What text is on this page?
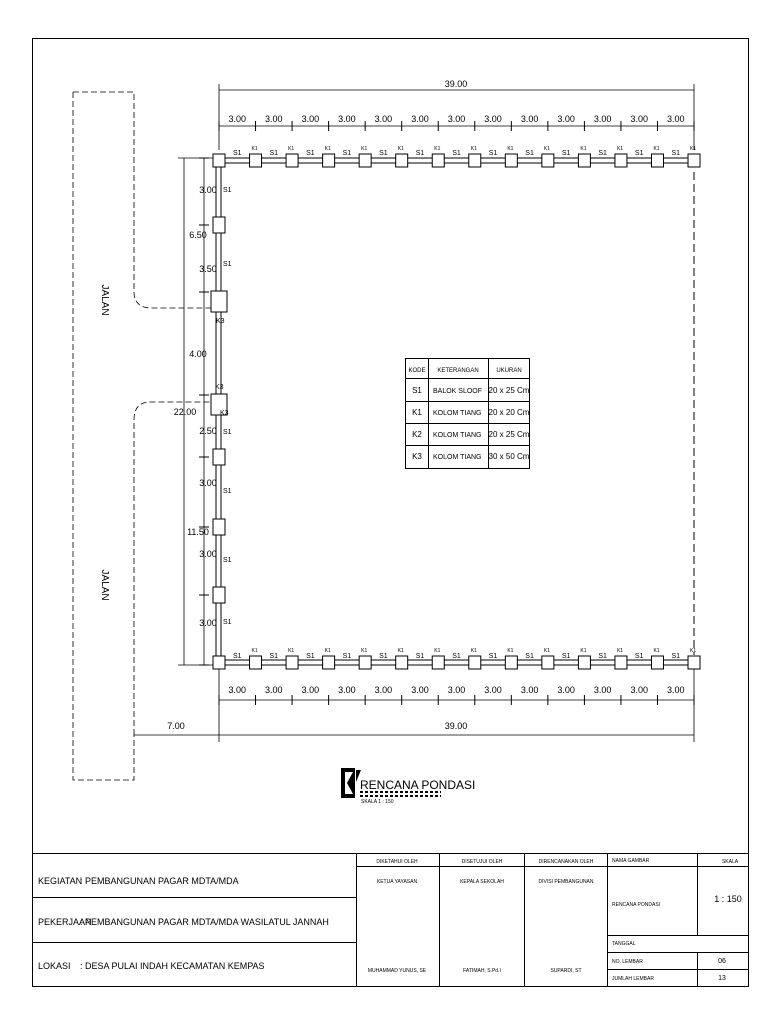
JALAN
JALAN
39.00
39.00
7.00
22.00
6.50
4.00
11.50
3.50
2.50
3.00
3.00
S1
S1
K1
K1
3.00
3.00
S1
S1
K1
K1
3.00
3.00
S1
S1
K1
K1
3.00
3.00
S1
S1
K1
K1
3.00
3.00
S1
S1
K1
K1
3.00
3.00
S1
S1
K1
K1
3.00
3.00
S1
S1
K1
K1
3.00
3.00
S1
S1
K1
K1
3.00
3.00
S1
S1
K1
K1
3.00
3.00
S1
S1
K1
K1
3.00
3.00
S1
S1
K1
K1
3.00
3.00
S1
S1
K1
K1
3.00
3.00
S1
S1
K1
K1
3.00
3.00
3.00
3.00
S1
S1
S1
S1
S1
S1
K3
K3
K3
KODE KETERANGAN	UKURAN
S1 BALOK SLOOF 20 x 25 Cm
K1 KOLOM TIANG 20 x 20 Cm
K2 KOLOM TIANG 20 x 25 Cm
K3 KOLOM TIANG 30 x 50 Cm
RENCANA PONDASI
SKALA 1 : 150
KEGIATAN
: PEMBANGUNAN PAGAR MDTA/MDA
PEKERJAAN
: PEMBANGUNAN PAGAR MDTA/MDA WASILATUL JANNAH
LOKASI : DESA PULAI INDAH KECAMATAN KEMPAS
DIKETAHUI OLEH	DISETUJUI OLEH	DIRENCANAKAN OLEH
KETUA YAYASAN	KEPALA SEKOLAH	DIVISI PEMBANGUNAN
MUHAMMAD YUNUS, SE	FATIMAH, S.Pd.I	SUPARDI, ST
NAMA GAMBAR	SKALA
RENCANA PONDASI
1 : 150
TANGGAL
NO. LEMBAR	06
JUMLAH LEMBAR	13
